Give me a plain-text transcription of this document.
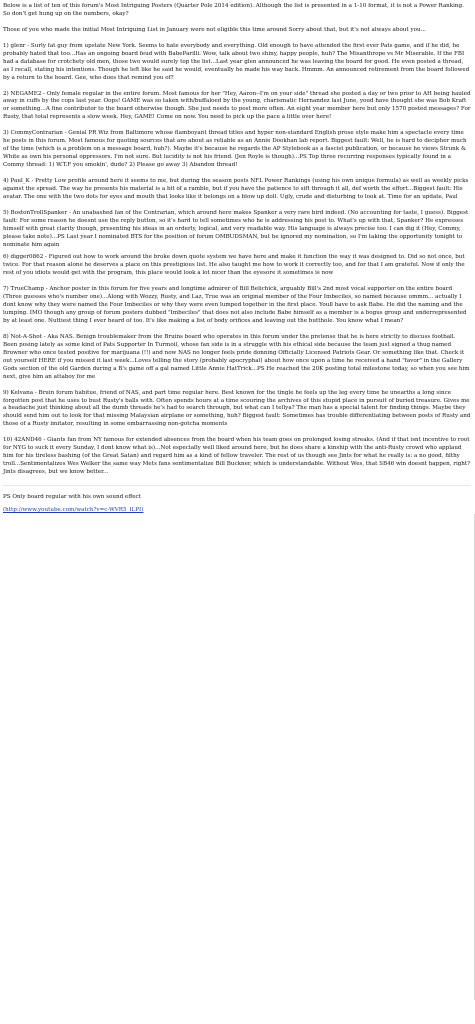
Below is a list of ten of this forum's Most Intriguing Posters (Quarter Pole 2014 edition). Although the list is presented in a 1-10 format, it is not a Power Ranking. So don't get hung up on the numbers, okay?

Those of you who made the initial Most Intriguing List in January were not eligible this time around Sorry about that, but it's not always about you...

1) glenr - Surly fat guy from upstate New York. Seems to hate everybody and everything. Old enough to have attended the first ever Pats game, and if he did, he probably hated that too...Has an ongoing board feud with BabeParilli. Wow, talk about two shiny, happy people, huh? The Misanthrope vs Mr Miserable. If the FBI had a database for crotchety old men, those two would surely top the list...Last year glen announced he was leaving the board for good. He even posted a thread, as I recall, stating his intentions. Though he left like he said he would, eventually he made his way back. Hmmm. An announced retirement from the board followed by a return to the board. Gee, who does that remind you of?

2) NEGAME2 - Only female regular in the entire forum. Most famous for her "Hey, Aaron--I'm on your side" thread she posted a day or two prior to AH being hauled away in cuffs by the cops last year. Oops! GAME was so taken with/buffaloed by the young, charismatic Hernandez last June, youd have thought she was Bob Kraft or something...A fine contributor to the board otherwise though. She just needs to post more often. An eight year member here but only 1570 posted messages? For Rusty, that total represents a slow week. Hey, GAME! Come on now. You need to pick up the pace a little over here!

3) CommyContrarian - Genial PR Wiz from Baltimore whose flamboyant thread titles and hyper non-standard English prose style make him a spectacle every time he posts in this forum. Most famous for quoting sources that are about as reliable as an Annie Dookhan lab report. Biggest fault: Well, he is hard to decipher much of the time (which is a problem on a message board, huh?). Maybe it's because he regards the AP Stylebook as a fascist publication, or because he views Strunk & White as own his personal oppressors. I'm not sure. But lucidity is not his friend. (Jen Royle is though)...PS Top three recurring responses typically found in a Commy thread: 1) W.T.F you smokin', dude? 2) Please go away 3) Abandon thread!

4) Paul_K - Pretty Low profile around here it seems to me, but during the season posts NFL Power Rankings (using his own unique formula) as well as weekly picks against the spread. The way he presents his material is a bit of a ramble, but if you have the patience to sift through it all, def worth the effort...Biggest fault: His avatar. The one with the two dots for eyes and mouth that looks like it belongs on a blow up doll. Ugly, crude and disturbing to look at. Time for an update, Paul

5) BostonTrollSpanker - An unabashed fan of the Contrarian, which around here makes Spanker a very rare bird indeed. (No accounting for taste, I guess). Biggest fault: For some reason he doesnt use the reply button, so it's hard to tell sometimes who he is addressing his post to. What's up with that, Spanker? He expresses himself with great clarity though, presenting his ideas in an orderly, logical, and very readable way. His language is always precise too. I can dig it (Hey, Commy, please take note)...PS Last year I nominated BTS for the position of forum OMBUDSMAN, but he ignored my nomination, so I'm taking the opportunity tonight to nominate him again

6) digger0862 - Figured out how to work around the broke down quote system we have here and make it function the way it was designed to. Did so not once, but twice. For that reason alone he deserves a place on this prestigious list. He also taught me how to work it correctly too, and for that I am grateful. Now if only the rest of you idiots would get with the program, this place would look a lot nicer than the eyesore it sometimes is now

7) TrueChamp - Anchor poster in this forum for five years and longtime admirer of Bill Belichick, arguably Bill's 2nd most vocal supporter on the entire board (Three guesses who's number one)...Along with Wozzy, Rusty, and Laz, True was an original member of the Four Imbeciles, so named because ummm... actually I dont know why they were named the Four Imbeciles or why they were even lumped together in the first place. Youll have to ask Babe. He did the naming and the lumping. IMO though any group of forum posters dubbed "Imbeciles" that does not also include Babe himself as a member is a bogus group and underrepresented by at least one. Nuttiest thing I ever heard of too. It's like making a list of body orifices and leaving out the butthole. You know what I mean?

8) Not-A-Shot - Aka NAS. Benign troublemaker from the Bruins board who operates in this forum under the pretense that he is here strictly to discuss football. Been posing lately as some kind of Pats Supporter In Turmoil, whose fan side is in a struggle with his ethical side because the team just signed a thug named Browner who once tested positive for marijuana (!!) and now NAS no longer feels pride donning Officially Licensed Patriots Gear. Or something like that. Check it out yourself HERE if you missed it last week...Loves telling the story (probably apocryphal) about how once upon a time he received a hand "favor" in the Gallery Gods section of the old Garden during a B's game off a gal named Little Annie HatTrick...PS He reached the 20K posting total milestone today, so when you see him next, give him an attaboy for me

9) Kelvana - Bruin forum habitue, friend of NAS, and part time regular here. Best known for the tingle he feels up the leg every time he unearths a long since forgotten post that he uses to bust Rusty's balls with. Often spends hours at a time scouring the archives of this stupid place in pursuit of buried treasure. Gives me a headache just thinking about all the dumb threads he's had to search through, but what can I tellya? The man has a special talent for finding things. Maybe they should send him out to look for that missing Malaysian airplane or something, huh? Biggest fault: Sometimes has trouble differentiating between posts of Rusty and those of a Rusty imitator, resulting in some embarrassing non-gotcha moments

10) 42AND46 - Giants fan from NY famous for extended absences from the board when his team goes on prolonged losing streaks. (And if that isnt incentive to root for NYG to suck it every Sunday, I dont know what is)...Not especially well liked around here, but he does share a kinship with the anti-Rusty crowd who applaud him for his tireless bashing (of the Great Satan) and regard him as a kind of fellow traveler. The rest of us though see Jints for what he really is: a no good, filthy troll...Sentimentalizes Wes Welker the same way Mets fans sentimentalize Bill Buckner, which is understandable. Without Wes, that SB46 win doesnt happen, right? Jints disagrees, but we know better...

PS Only board regular with his own sound effect

(http://www.youtube.com/watch?v=c-WVR5_ILPI)
